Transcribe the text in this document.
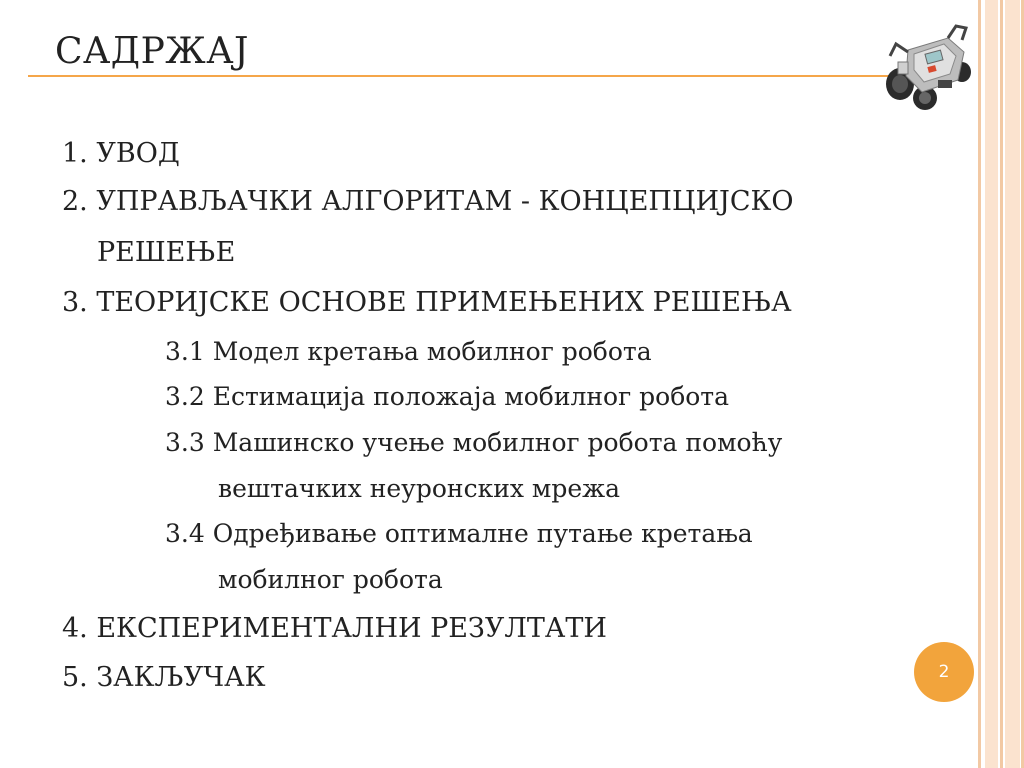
САДРЖАЈ
1. УВОД
2. УПРАВЉАЧКИ АЛГОРИТАМ - КОНЦЕПЦИЈСКО
РЕШЕЊЕ
3. ТЕОРИЈСКЕ ОСНОВЕ ПРИМЕЊЕНИХ РЕШЕЊА
3.1 Модел кретања мобилног робота
3.2 Естимација положаја мобилног робота
3.3 Машинско учење мобилног робота помоћу
вештачких неуронских мрежа
3.4 Одређивање оптималне путање кретања
мобилног робота
4. ЕКСПЕРИМЕНТАЛНИ РЕЗУЛТАТИ
5. ЗАКЉУЧАК	2
